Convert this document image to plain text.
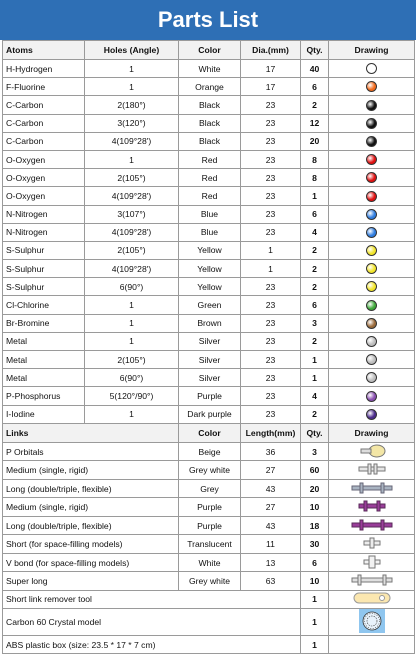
Parts List
Atoms	Holes (Angle)	Color	Dia.(mm)	Qty.	Drawing
H-Hydrogen	1	White	17	40	
F-Fluorine	1	Orange	17	6	
C-Carbon	2(180°)	Black	23	2	
C-Carbon	3(120°)	Black	23	12	
C-Carbon	4(109°28')	Black	23	20	
O-Oxygen	1	Red	23	8	
O-Oxygen	2(105°)	Red	23	8	
O-Oxygen	4(109°28')	Red	23	1	
N-Nitrogen	3(107°)	Blue	23	6	
N-Nitrogen	4(109°28')	Blue	23	4	
S-Sulphur	2(105°)	Yellow	1	2	
S-Sulphur	4(109°28')	Yellow	1	2	
S-Sulphur	6(90°)	Yellow	23	2	
Cl-Chlorine	1	Green	23	6	
Br-Bromine	1	Brown	23	3	
Metal	1	Silver	23	2	
Metal	2(105°)	Silver	23	1	
Metal	6(90°)	Silver	23	1	
P-Phosphorus	5(120°/90°)	Purple	23	4	
I-Iodine	1	Dark purple	23	2	
Links		Color	Length(mm)	Qty.	Drawing
P Orbitals		Beige	36	3	
Medium (single, rigid)		Grey white	27	60	
Long (double/triple, flexible)		Grey	43	20	
Medium (single, rigid)		Purple	27	10	
Long (double/triple, flexible)		Purple	43	18	
Short (for space-filling models)		Translucent	11	30	
V bond (for space-filling models)		White	13	6	
Super long		Grey white	63	10	
Short link remover tool				1	
Carbon 60 Crystal model				1	
ABS plastic box (size: 23.5 * 17 * 7 cm)				1	
